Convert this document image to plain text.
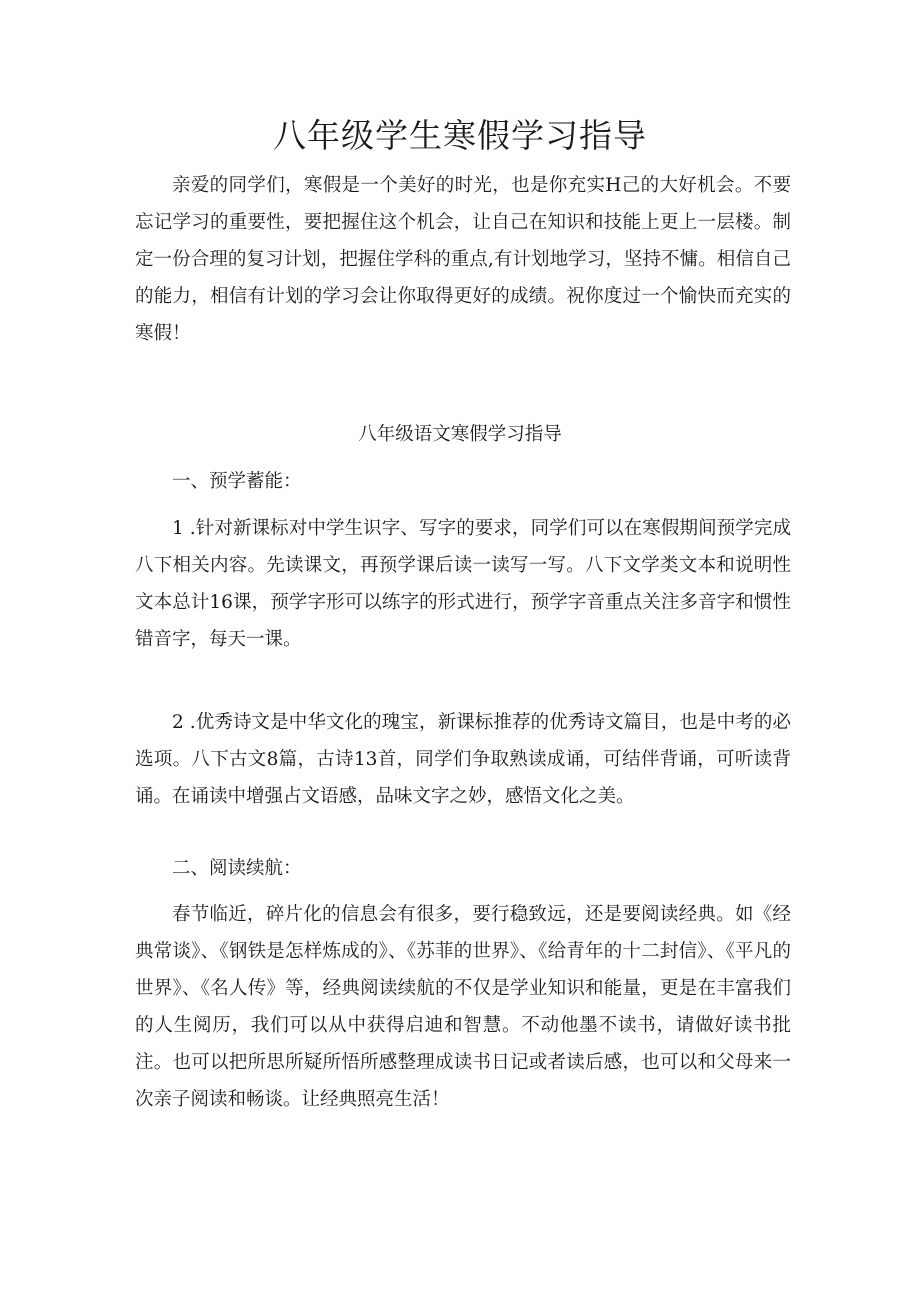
八年级学生寒假学习指导

亲爱的同学们，寒假是一个美好的时光，也是你充实H己的大好机会。不要忘记学习的重要性，要把握住这个机会，让自己在知识和技能上更上一层楼。制定一份合理的复习计划，把握住学科的重点,有计划地学习，坚持不慵。相信自己的能力，相信有计划的学习会让你取得更好的成绩。祝你度过一个愉快而充实的寒假！

八年级语文寒假学习指导
一、预学蓄能：

1 .针对新课标对中学生识字、写字的要求，同学们可以在寒假期间预学完成八下相关内容。先读课文，再预学课后读一读写一写。八下文学类文本和说明性文本总计16课，预学字形可以练字的形式进行，预学字音重点关注多音字和惯性错音字，每天一课。

2 .优秀诗文是中华文化的瑰宝，新课标推荐的优秀诗文篇目，也是中考的必选项。八下古文8篇，古诗13首，同学们争取熟读成诵，可结伴背诵，可听读背诵。在诵读中增强占文语感，品味文字之妙，感悟文化之美。

二、阅读续航：

春节临近，碎片化的信息会有很多，要行稳致远，还是要阅读经典。如《经典常谈》、《钢铁是怎样炼成的》、《苏菲的世界》、《给青年的十二封信》、《平凡的世界》、《名人传》等，经典阅读续航的不仅是学业知识和能量，更是在丰富我们的人生阅历，我们可以从中获得启迪和智慧。不动他墨不读书，请做好读书批注。也可以把所思所疑所悟所感整理成读书日记或者读后感，也可以和父母来一次亲子阅读和畅谈。让经典照亮生活！
